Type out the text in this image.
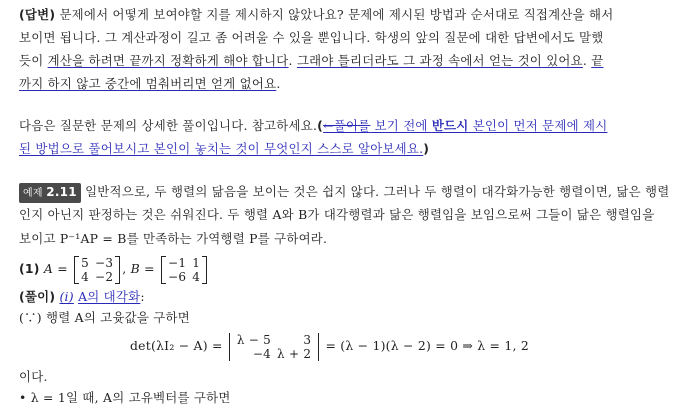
(답변) 문제에서 어떻게 보여야할 지를 제시하지 않았나요? 문제에 제시된 방법과 순서대로 직접계산을 해서
보이면 됩니다. 그 계산과정이 길고 좀 어려울 수 있을 뿐입니다. 학생의 앞의 질문에 대한 답변에서도 말했
듯이 계산을 하려면 끝까지 정확하게 해야 합니다. 그래야 틀리더라도 그 과정 속에서 얻는 것이 있어요. 끝
까지 하지 않고 중간에 멈춰버리면 얻게 없어요.
다음은 질문한 문제의 상세한 풀이입니다. 참고하세요.(←풀이를 보기 전에 반드시 본인이 먼저 문제에 제시
된 방법으로 풀어보시고 본인이 놓치는 것이 무엇인지 스스로 알아보세요.)
예제 2.11 일반적으로, 두 행렬의 닮음을 보이는 것은 쉽지 않다. 그러나 두 행렬이 대각화가능한 행렬이면, 닮은 행렬
인지 아닌지 판정하는 것은 쉬워진다. 두 행렬 A와 B가 대각행렬과 닮은 행렬임을 보임으로써 그들이 닮은 행렬임을
보이고 P⁻¹AP = B를 만족하는 가역행렬 P를 구하여라.
(1) A = 5	−3
4	−2
, B = −1	1
−6	4
(풀이) (i) A의 대각화:
(∵) 행렬 A의 고윳값을 구하면
det(λI₂ − A) = λ − 5	3
−4	λ + 2
= (λ − 1)(λ − 2) = 0 ⇒ λ = 1, 2
이다.
• λ = 1일 때, A의 고유벡터를 구하면
